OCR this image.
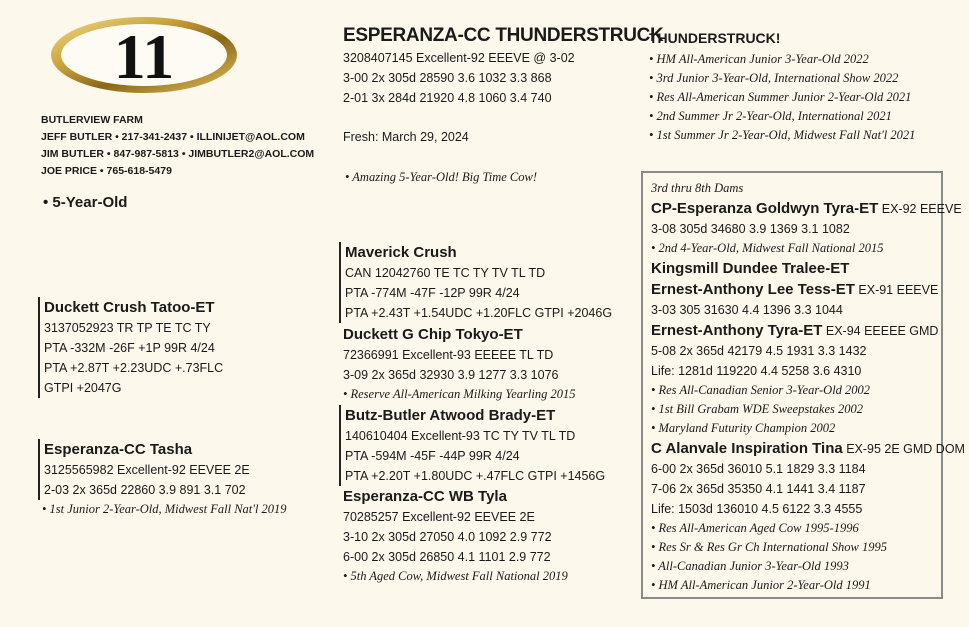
11
BUTLERVIEW FARM
JEFF BUTLER • 217-341-2437 • ILLINIJET@AOL.COM
JIM BUTLER • 847-987-5813 • JIMBUTLER2@AOL.COM
JOE PRICE • 765-618-5479
• 5-Year-Old
ESPERANZA-CC THUNDERSTRUCK
3208407145 Excellent-92 EEEVE @ 3-02
3-00 2x 305d 28590 3.6 1032 3.3 868
2-01 3x 284d 21920 4.8 1060 3.4 740
Fresh: March 29, 2024
• Amazing 5-Year-Old! Big Time Cow!
THUNDERSTRUCK!
• HM All-American Junior 3-Year-Old 2022
• 3rd Junior 3-Year-Old, International Show 2022
• Res All-American Summer Junior 2-Year-Old 2021
• 2nd Summer Jr 2-Year-Old, International 2021
• 1st Summer Jr 2-Year-Old, Midwest Fall Nat'l 2021
Duckett Crush Tatoo-ET
3137052923 TR TP TE TC TY
PTA -332M -26F +1P 99R 4/24
PTA +2.87T +2.23UDC +.73FLC
GTPI +2047G
Esperanza-CC Tasha
3125565982 Excellent-92 EEVEE 2E
2-03 2x 365d 22860 3.9 891 3.1 702
• 1st Junior 2-Year-Old, Midwest Fall Nat'l 2019
Maverick Crush
CAN 12042760 TE TC TY TV TL TD
PTA -774M -47F -12P 99R 4/24
PTA +2.43T +1.54UDC +1.20FLC GTPI +2046G
Duckett G Chip Tokyo-ET
72366991 Excellent-93 EEEEE TL TD
3-09 2x 365d 32930 3.9 1277 3.3 1076
• Reserve All-American Milking Yearling 2015
Butz-Butler Atwood Brady-ET
140610404 Excellent-93 TC TY TV TL TD
PTA -594M -45F -44P 99R 4/24
PTA +2.20T +1.80UDC +.47FLC GTPI +1456G
Esperanza-CC WB Tyla
70285257 Excellent-92 EEVEE 2E
3-10 2x 305d 27050 4.0 1092 2.9 772
6-00 2x 305d 26850 4.1 1101 2.9 772
• 5th Aged Cow, Midwest Fall National 2019
3rd thru 8th Dams
CP-Esperanza Goldwyn Tyra-ET EX-92 EEEVE
3-08 305d 34680 3.9 1369 3.1 1082
• 2nd 4-Year-Old, Midwest Fall National 2015
Kingsmill Dundee Tralee-ET
Ernest-Anthony Lee Tess-ET EX-91 EEEVE
3-03 305 31630 4.4 1396 3.3 1044
Ernest-Anthony Tyra-ET EX-94 EEEEE GMD
5-08 2x 365d 42179 4.5 1931 3.3 1432
Life: 1281d 119220 4.4 5258 3.6 4310
• Res All-Canadian Senior 3-Year-Old 2002
• 1st Bill Grabam WDE Sweepstakes 2002
• Maryland Futurity Champion 2002
C Alanvale Inspiration Tina EX-95 2E GMD DOM
6-00 2x 365d 36010 5.1 1829 3.3 1184
7-06 2x 365d 35350 4.1 1441 3.4 1187
Life: 1503d 136010 4.5 6122 3.3 4555
• Res All-American Aged Cow 1995-1996
• Res Sr & Res Gr Ch International Show 1995
• All-Canadian Junior 3-Year-Old 1993
• HM All-American Junior 2-Year-Old 1991
